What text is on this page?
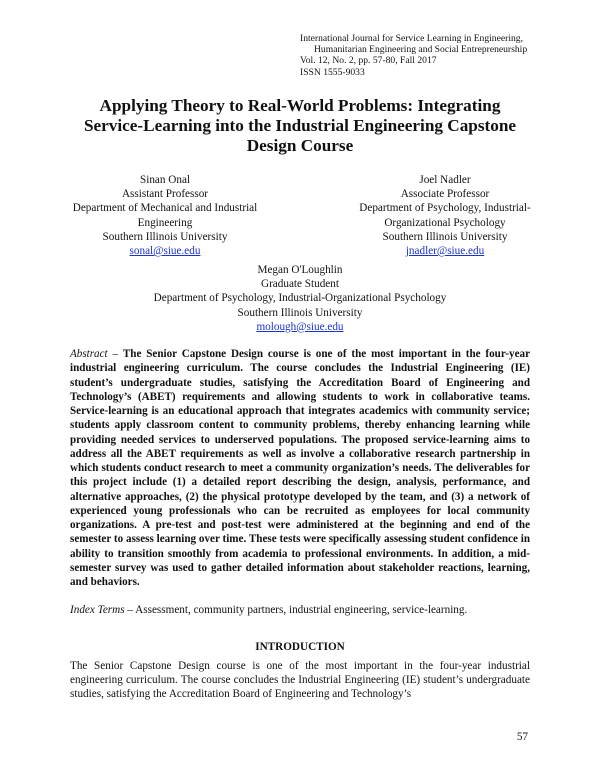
International Journal for Service Learning in Engineering,
Humanitarian Engineering and Social Entrepreneurship
Vol. 12, No. 2, pp. 57-80, Fall 2017
ISSN 1555-9033
Applying Theory to Real-World Problems: Integrating
Service-Learning into the Industrial Engineering Capstone
Design Course
Sinan Onal
Assistant Professor
Department of Mechanical and Industrial
Engineering
Southern Illinois University
sonal@siue.edu
Joel Nadler
Associate Professor
Department of Psychology, Industrial-
Organizational Psychology
Southern Illinois University
jnadler@siue.edu
Megan O'Loughlin
Graduate Student
Department of Psychology, Industrial-Organizational Psychology
Southern Illinois University
molough@siue.edu
Abstract – The Senior Capstone Design course is one of the most important in the four-year industrial engineering curriculum. The course concludes the Industrial Engineering (IE) student’s undergraduate studies, satisfying the Accreditation Board of Engineering and Technology’s (ABET) requirements and allowing students to work in collaborative teams. Service-learning is an educational approach that integrates academics with community service; students apply classroom content to community problems, thereby enhancing learning while providing needed services to underserved populations. The proposed service-learning aims to address all the ABET requirements as well as involve a collaborative research partnership in which students conduct research to meet a community organization’s needs. The deliverables for this project include (1) a detailed report describing the design, analysis, performance, and alternative approaches, (2) the physical prototype developed by the team, and (3) a network of experienced young professionals who can be recruited as employees for local community organizations. A pre-test and post-test were administered at the beginning and end of the semester to assess learning over time. These tests were specifically assessing student confidence in ability to transition smoothly from academia to professional environments. In addition, a mid-semester survey was used to gather detailed information about stakeholder reactions, learning, and behaviors.
Index Terms – Assessment, community partners, industrial engineering, service-learning.
INTRODUCTION
The Senior Capstone Design course is one of the most important in the four-year industrial engineering curriculum. The course concludes the Industrial Engineering (IE) student’s undergraduate studies, satisfying the Accreditation Board of Engineering and Technology’s
57
